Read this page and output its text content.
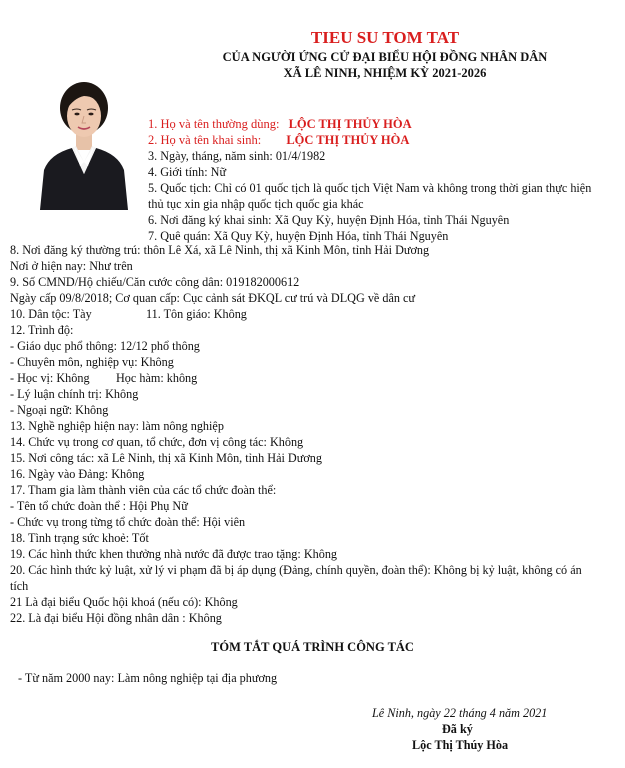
TIEU SU TOM TAT
CỦA NGƯỜI ỨNG CỬ ĐẠI BIỂU HỘI ĐỒNG NHÂN DÂN
XÃ LÊ NINH, NHIỆM KỲ 2021-2026
1. Họ và tên thường dùng: LỘC THỊ THỦY HÒA
2. Họ và tên khai sinh: LỘC THỊ THỦY HÒA
3. Ngày, tháng, năm sinh: 01/4/1982
4. Giới tính: Nữ
5. Quốc tịch: Chỉ có 01 quốc tịch là quốc tịch Việt Nam và không trong thời gian thực hiện
thủ tục xin gia nhập quốc tịch quốc gia khác
6. Nơi đăng ký khai sinh: Xã Quy Kỳ, huyện Định Hóa, tỉnh Thái Nguyên
7. Quê quán: Xã Quy Kỳ, huyện Định Hóa, tỉnh Thái Nguyên
8. Nơi đăng ký thường trú: thôn Lê Xá, xã Lê Ninh, thị xã Kinh Môn, tỉnh Hải Dương
Nơi ở hiện nay: Như trên
9. Số CMND/Hộ chiếu/Căn cước công dân: 019182000612
Ngày cấp 09/8/2018; Cơ quan cấp: Cục cảnh sát ĐKQL cư trú và DLQG về dân cư
10. Dân tộc: Tày	11. Tôn giáo: Không
12. Trình độ:
- Giáo dục phổ thông: 12/12 phổ thông
- Chuyên môn, nghiệp vụ: Không
- Học vị: Không Học hàm: không
- Lý luận chính trị: Không
- Ngoại ngữ: Không
13. Nghề nghiệp hiện nay: làm nông nghiệp
14. Chức vụ trong cơ quan, tổ chức, đơn vị công tác: Không
15. Nơi công tác: xã Lê Ninh, thị xã Kinh Môn, tỉnh Hải Dương
16. Ngày vào Đảng: Không
17. Tham gia làm thành viên của các tổ chức đoàn thể:
- Tên tổ chức đoàn thể : Hội Phụ Nữ
- Chức vụ trong từng tổ chức đoàn thể: Hội viên
18. Tình trạng sức khoẻ: Tốt
19. Các hình thức khen thưởng nhà nước đã được trao tặng: Không
20. Các hình thức kỷ luật, xử lý vi phạm đã bị áp dụng (Đảng, chính quyền, đoàn thể): Không bị kỷ luật, không có án
tích
21 Là đại biểu Quốc hội khoá (nếu có): Không
22. Là đại biểu Hội đồng nhân dân : Không
TÓM TẮT QUÁ TRÌNH CÔNG TÁC
- Từ năm 2000 nay: Làm nông nghiệp tại địa phương
Lê Ninh, ngày 22 tháng 4 năm 2021
Đã ký
Lộc Thị Thúy Hòa
